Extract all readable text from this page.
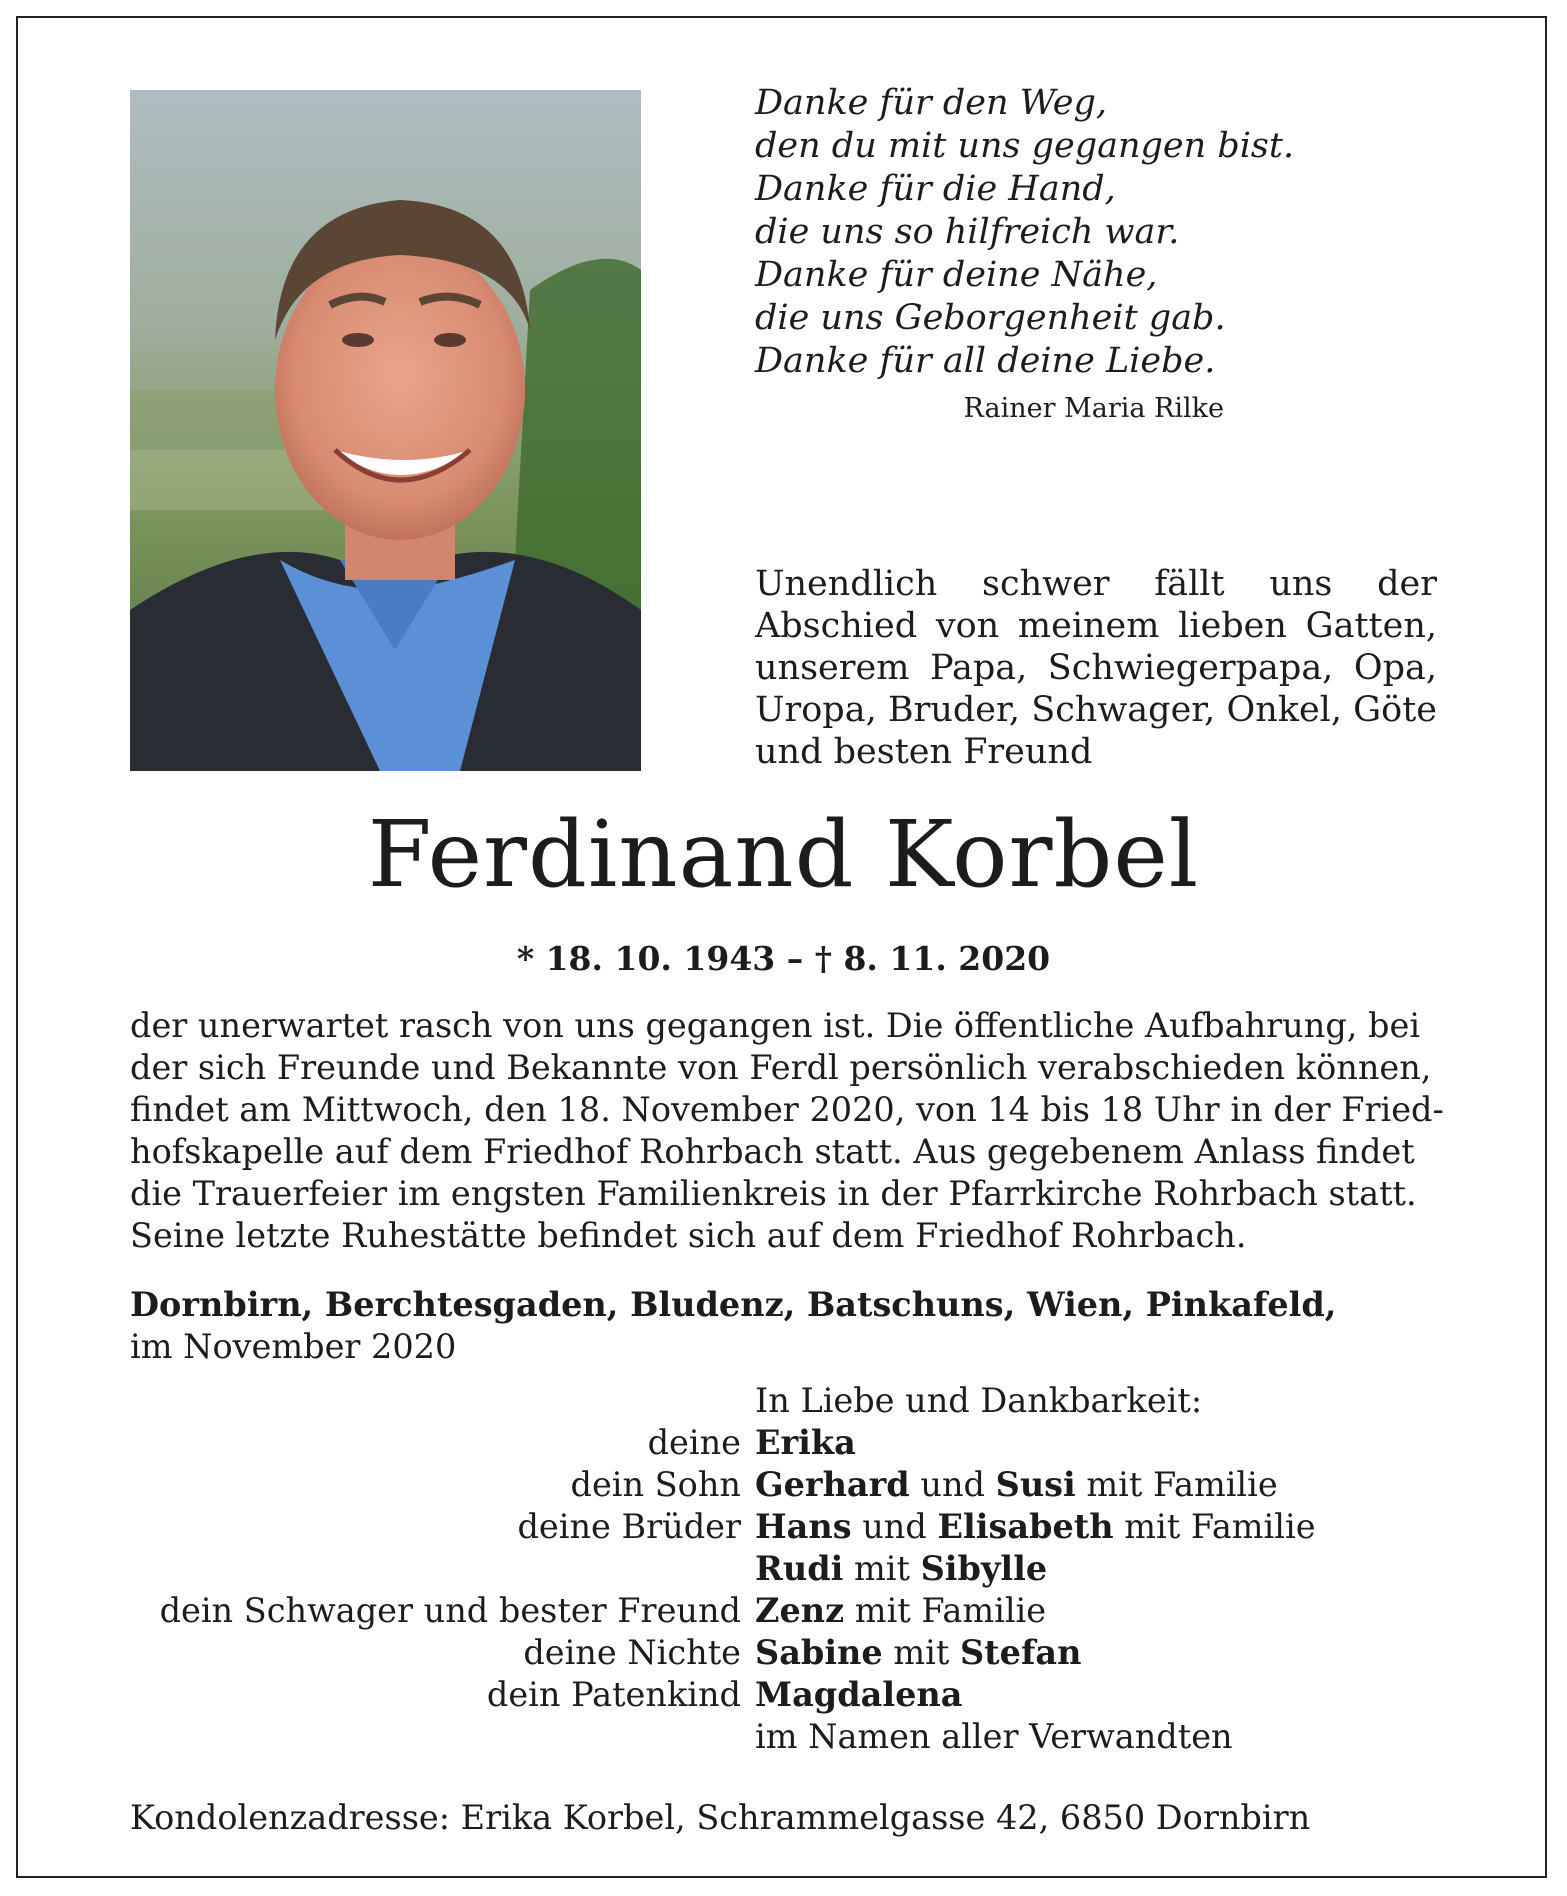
Danke für den Weg,
den du mit uns gegangen bist.
Danke für die Hand,
die uns so hilfreich war.
Danke für deine Nähe,
die uns Geborgenheit gab.
Danke für all deine Liebe.
Rainer Maria Rilke
Unendlich schwer fällt uns der Abschied von meinem lieben Gatten, unserem Papa, Schwiegerpapa, Opa, Uropa, Bruder, Schwager, Onkel, Göte und besten Freund
Ferdinand Korbel
* 18. 10. 1943 – † 8. 11. 2020
der unerwartet rasch von uns gegangen ist. Die öffentliche Aufbahrung, bei
der sich Freunde und Bekannte von Ferdl persönlich verabschieden können,
findet am Mittwoch, den 18. November 2020, von 14 bis 18 Uhr in der Fried-
hofskapelle auf dem Friedhof Rohrbach statt. Aus gegebenem Anlass findet
die Trauerfeier im engsten Familienkreis in der Pfarrkirche Rohrbach statt.
Seine letzte Ruhestätte befindet sich auf dem Friedhof Rohrbach.
Dornbirn, Berchtesgaden, Bludenz, Batschuns, Wien, Pinkafeld,
im November 2020
In Liebe und Dankbarkeit:
deine Erika
dein Sohn Gerhard und Susi mit Familie
deine Brüder Hans und Elisabeth mit Familie
Rudi mit Sibylle
dein Schwager und bester Freund Zenz mit Familie
deine Nichte Sabine mit Stefan
dein Patenkind Magdalena
im Namen aller Verwandten
Kondolenzadresse: Erika Korbel, Schrammelgasse 42, 6850 Dornbirn
